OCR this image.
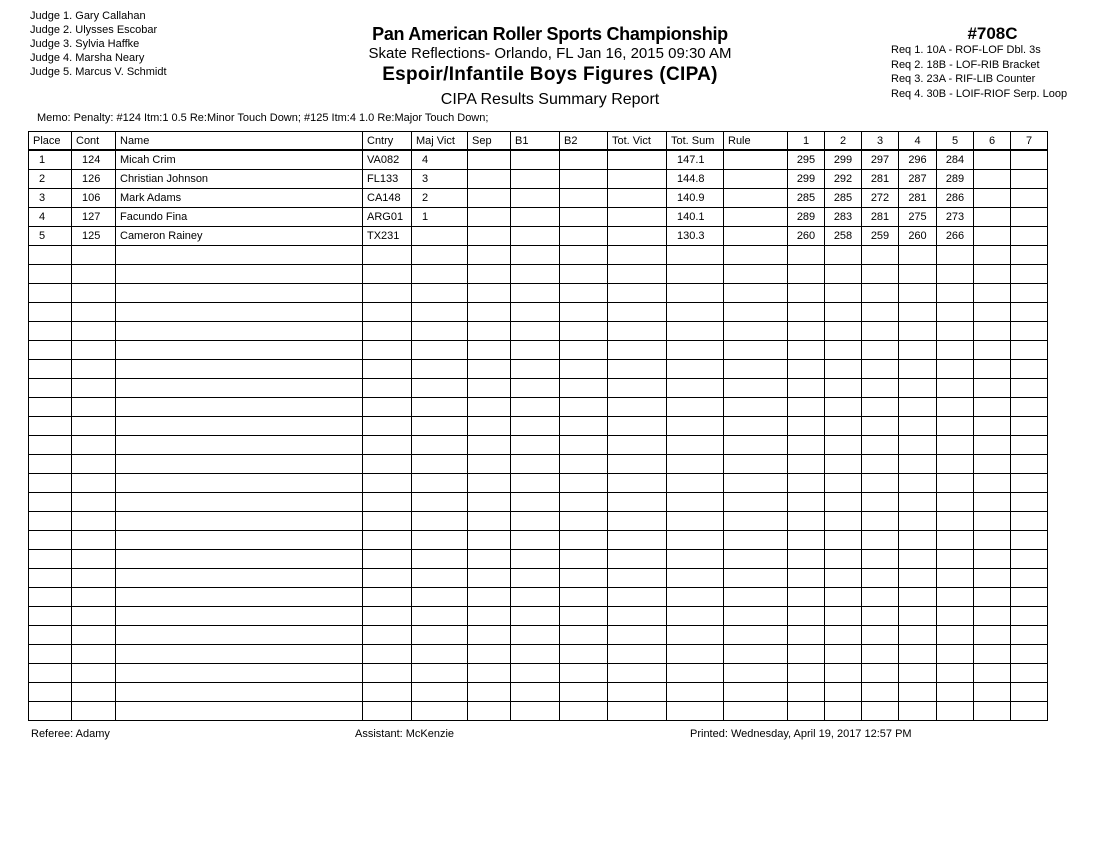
Judge 1. Gary Callahan
Judge 2. Ulysses Escobar
Judge 3. Sylvia Haffke
Judge 4. Marsha Neary
Judge 5. Marcus V. Schmidt
Pan American Roller Sports Championship
Skate Reflections- Orlando, FL Jan 16, 2015 09:30 AM
Espoir/Infantile Boys Figures (CIPA)
CIPA Results Summary Report
#708C
Req 1. 10A - ROF-LOF Dbl. 3s
Req 2. 18B - LOF-RIB Bracket
Req 3. 23A - RIF-LIB Counter
Req 4. 30B - LOIF-RIOF Serp. Loop
Memo: Penalty: #124 Itm:1 0.5 Re:Minor Touch Down; #125 Itm:4 1.0 Re:Major Touch Down;
Place	Cont	Name	Cntry	Maj Vict	Sep	B1	B2	Tot. Vict	Tot. Sum	Rule	1	2	3	4	5	6	7
1	124	Micah Crim	VA082	4					147.1		295	299	297	296	284		
2	126	Christian Johnson	FL133	3					144.8		299	292	281	287	289		
3	106	Mark Adams	CA148	2					140.9		285	285	272	281	286		
4	127	Facundo Fina	ARG01	1					140.1		289	283	281	275	273		
5	125	Cameron Rainey	TX231						130.3		260	258	259	260	266		

Referee: Adamy	Assistant: McKenzie	Printed: Wednesday, April 19, 2017 12:57 PM
